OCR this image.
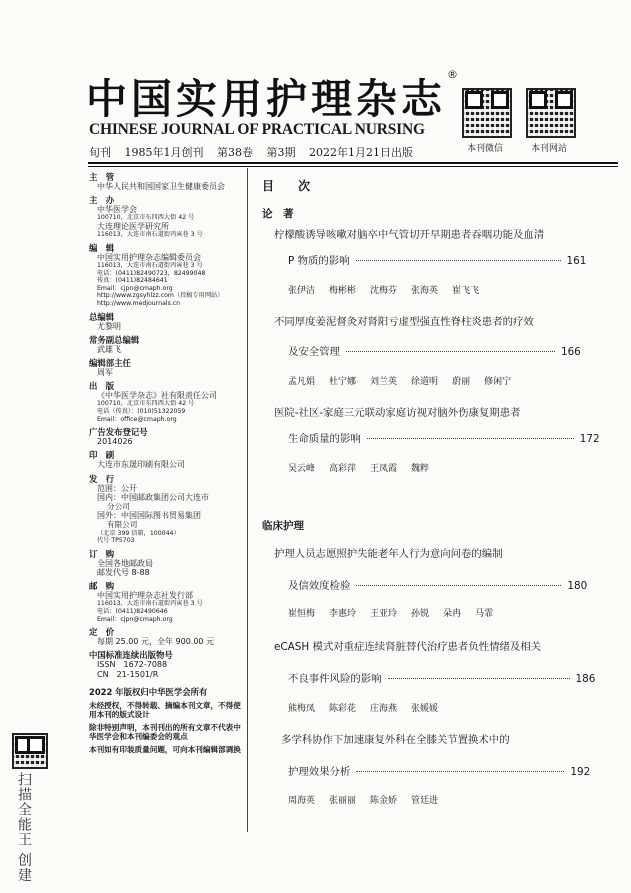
中国实用护理杂志
®
CHINESE JOURNAL OF PRACTICAL NURSING
本刊微信	本刊网站
旬刊 1985年1月创刊 第38卷 第3期 2022年1月21日出版
主　管
中华人民共和国国家卫生健康委员会
主　办
中华医学会
100710，北京市东四西大街 42 号
大连理论医学研究所
116013，大连市南石道街丙寅巷 3 号
编　辑
中国实用护理杂志编辑委员会
116013，大连市南石道街丙寅巷 3 号
电话：(0411)82490723，82499048
传真：(0411)82484641
Email：cjpn@cmaph.org
http://www.zgsyhlzz.com（投稿专用网站）
http://www.medjournals.cn
总编辑
尤黎明
常务副总编辑
武雄飞
编辑部主任
周军
出　版
《中华医学杂志》社有限责任公司
100710，北京市东四西大街 42 号
电话（传真）：(010)51322059
Email：office@cmaph.org
广告发布登记号
2014026
印　刷
大连市东晟印刷有限公司
发　行
范围：公开
国内：中国邮政集团公司大连市
分公司
国外：中国国际图书贸易集团
有限公司
（北京 399 信箱，100044）
代号 TP5703
订　购
全国各地邮政局
邮发代号 8-88
邮　购
中国实用护理杂志社发行部
116013，大连市南石道街丙寅巷 3 号
电话：(0411)82490646
Email：cjpn@cmaph.org
定　价
每期 25.00 元，全年 900.00 元
中国标准连续出版物号
ISSN　1672-7088
CN　21-1501/R
2022 年版权归中华医学会所有
未经授权，不得转载、摘编本刊文章，不得使用本刊的版式设计
除非特别声明，本刊刊出的所有文章不代表中华医学会和本刊编委会的观点
本刊如有印装质量问题，可向本刊编辑部调换
目 次
论　著
柠檬酸诱导咳嗽对脑卒中气管切开早期患者吞咽功能及血清
P 物质的影响	161
张伊洁 梅彬彬 沈梅芬 张海英 崔飞飞
不同厚度姜泥督灸对肾阳亏虚型强直性脊柱炎患者的疗效
及安全管理	166
孟凡娟 杜宁娜 刘兰英 徐道明 蔚丽 修闲宁
医院-社区-家庭三元联动家庭访视对脑外伤康复期患者
生命质量的影响	172
吴云峰 高彩萍 王凤霞 魏粹
临床护理
护理人员志愿照护失能老年人行为意向问卷的编制
及信效度检验	180
崔恒梅 李惠玲 王亚玲 孙锐 朵冉 马霏
eCASH 模式对重症连续肾脏替代治疗患者负性情绪及相关
不良事件风险的影响	186
熊梅凤 陈彩花 庄海燕 张媛媛
多学科协作下加速康复外科在全膝关节置换术中的
护理效果分析	192
周海英 张丽丽 陈金娇 管廷进
扫描全能王 创建
